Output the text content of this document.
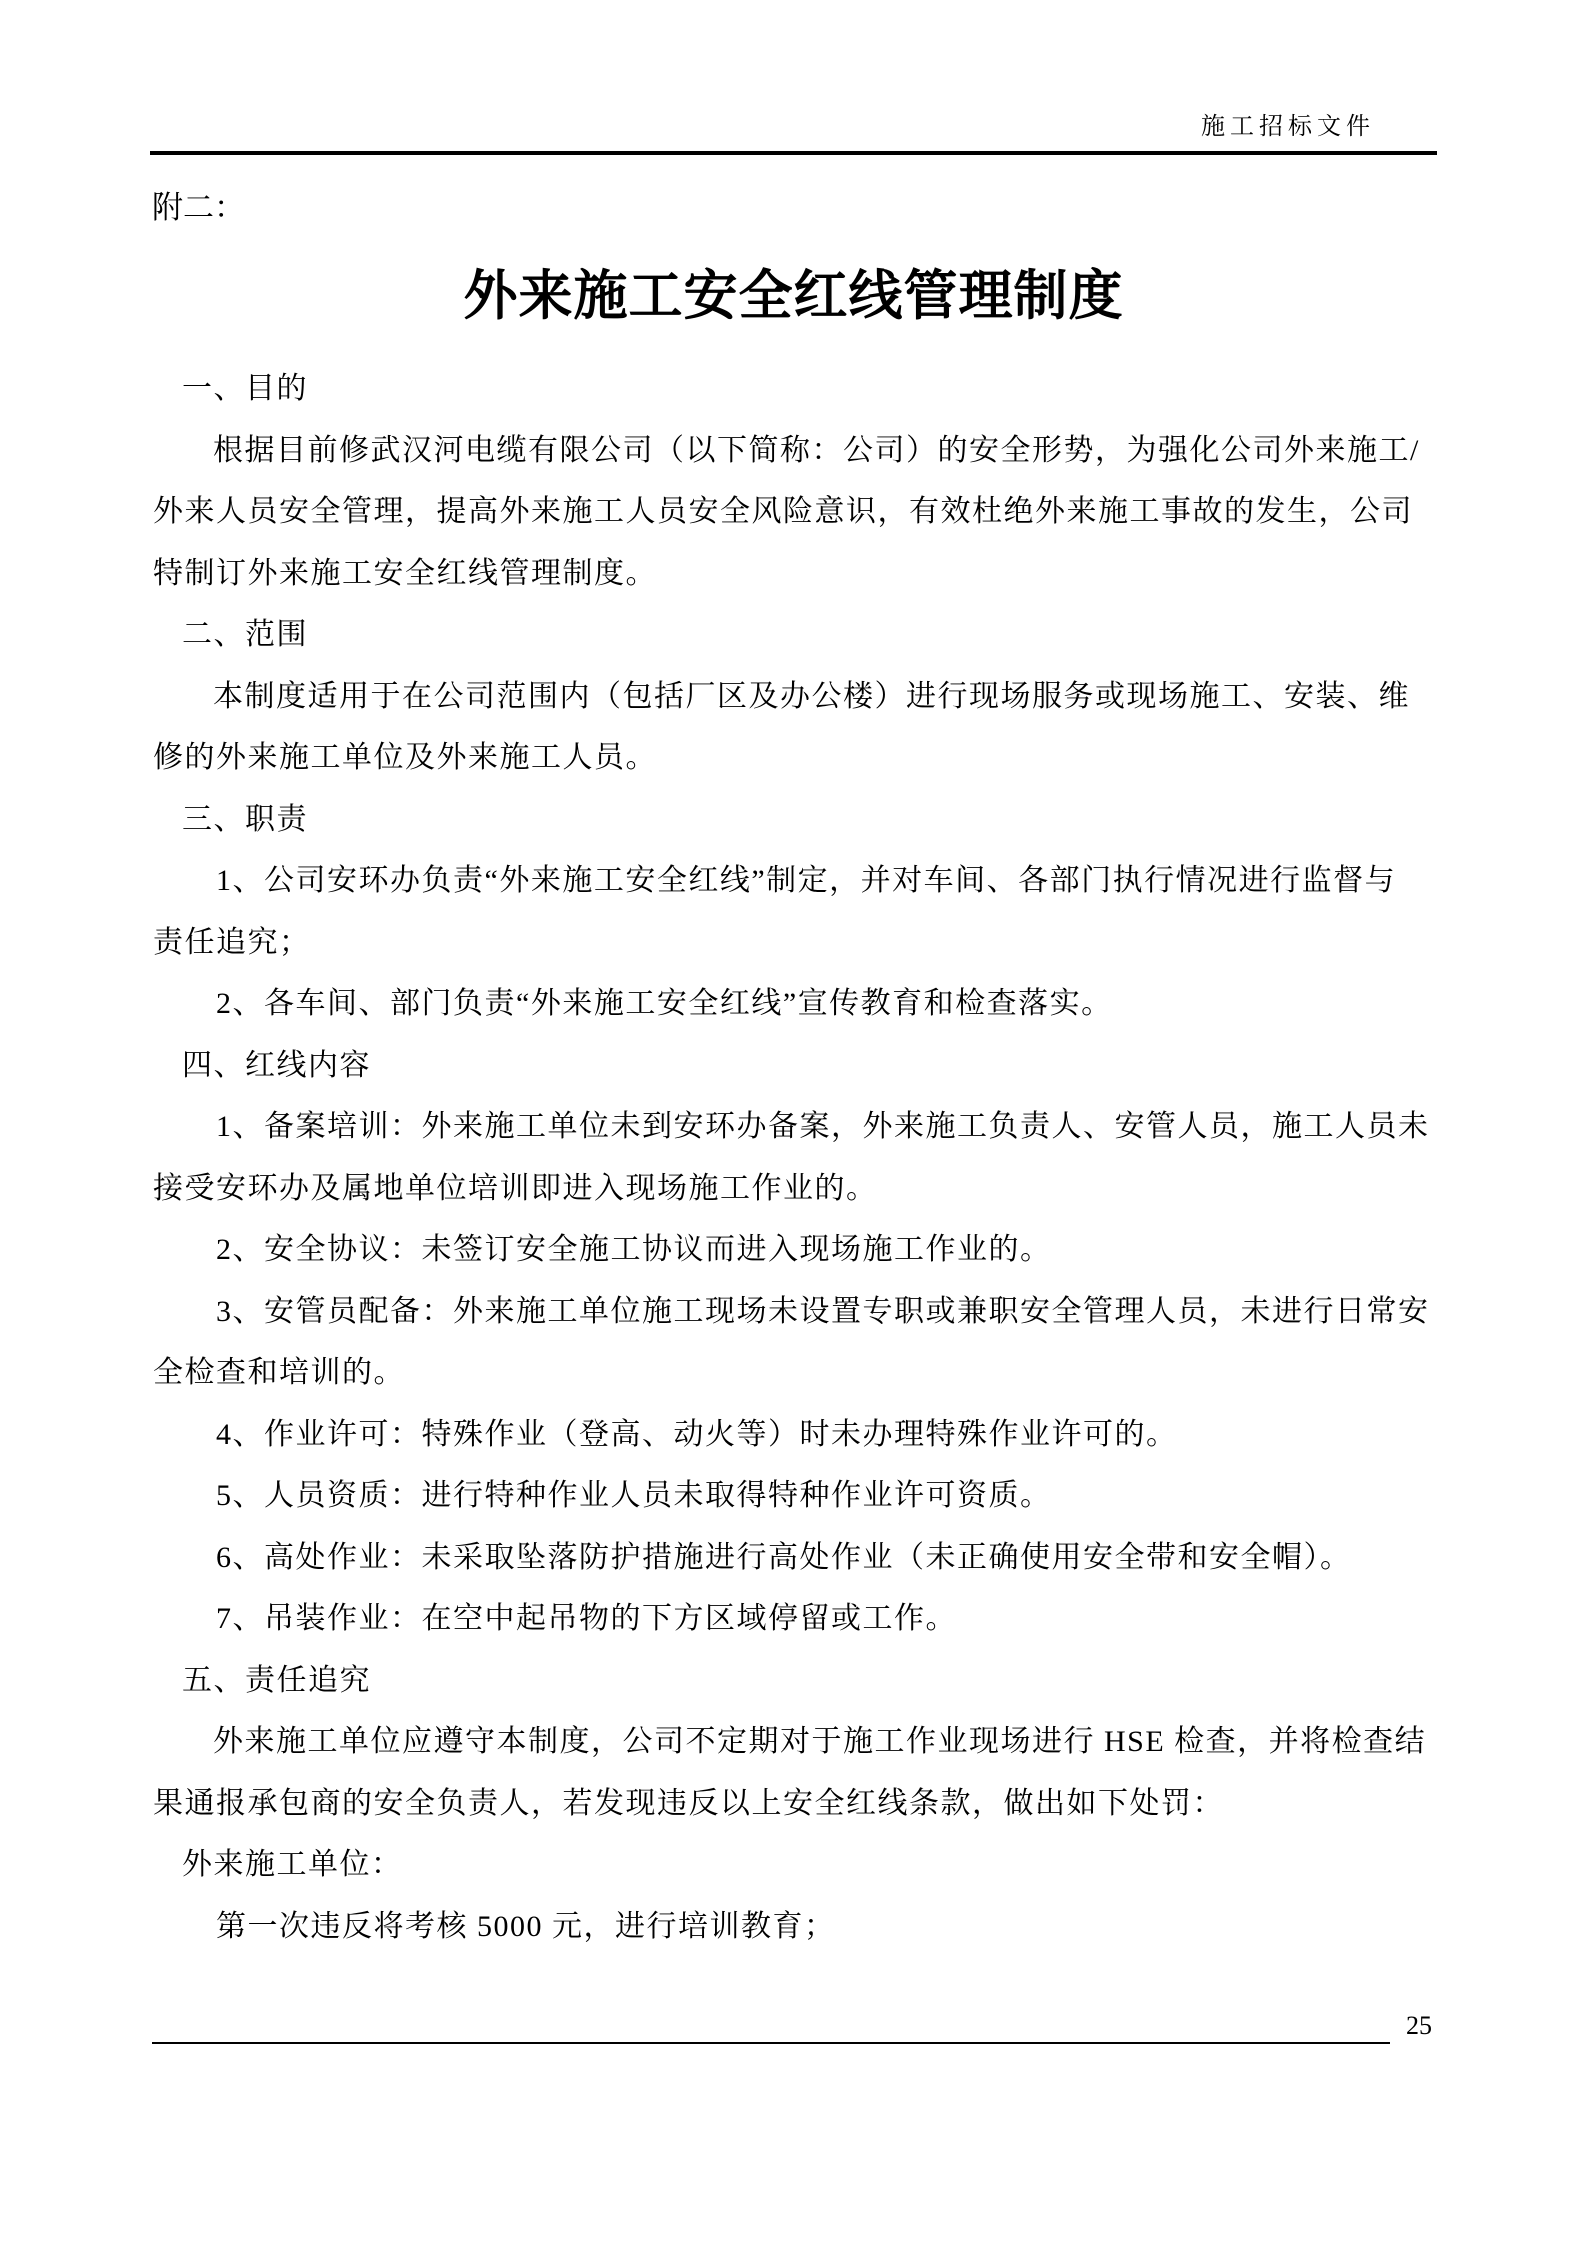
施工招标文件
附二：
外来施工安全红线管理制度
一、目的
根据目前修武汉河电缆有限公司（以下简称：公司）的安全形势，为强化公司外来施工/
外来人员安全管理，提高外来施工人员安全风险意识，有效杜绝外来施工事故的发生，公司
特制订外来施工安全红线管理制度。
二、范围
本制度适用于在公司范围内（包括厂区及办公楼）进行现场服务或现场施工、安装、维
修的外来施工单位及外来施工人员。
三、职责
1、公司安环办负责“外来施工安全红线”制定，并对车间、各部门执行情况进行监督与
责任追究；
2、各车间、部门负责“外来施工安全红线”宣传教育和检查落实。
四、红线内容
1、备案培训：外来施工单位未到安环办备案，外来施工负责人、安管人员，施工人员未
接受安环办及属地单位培训即进入现场施工作业的。
2、安全协议：未签订安全施工协议而进入现场施工作业的。
3、安管员配备：外来施工单位施工现场未设置专职或兼职安全管理人员，未进行日常安
全检查和培训的。
4、作业许可：特殊作业（登高、动火等）时未办理特殊作业许可的。
5、人员资质：进行特种作业人员未取得特种作业许可资质。
6、高处作业：未采取坠落防护措施进行高处作业（未正确使用安全带和安全帽）。
7、吊装作业：在空中起吊物的下方区域停留或工作。
五、责任追究
外来施工单位应遵守本制度，公司不定期对于施工作业现场进行 HSE 检查，并将检查结
果通报承包商的安全负责人，若发现违反以上安全红线条款，做出如下处罚：
外来施工单位：
第一次违反将考核 5000 元，进行培训教育；
25
